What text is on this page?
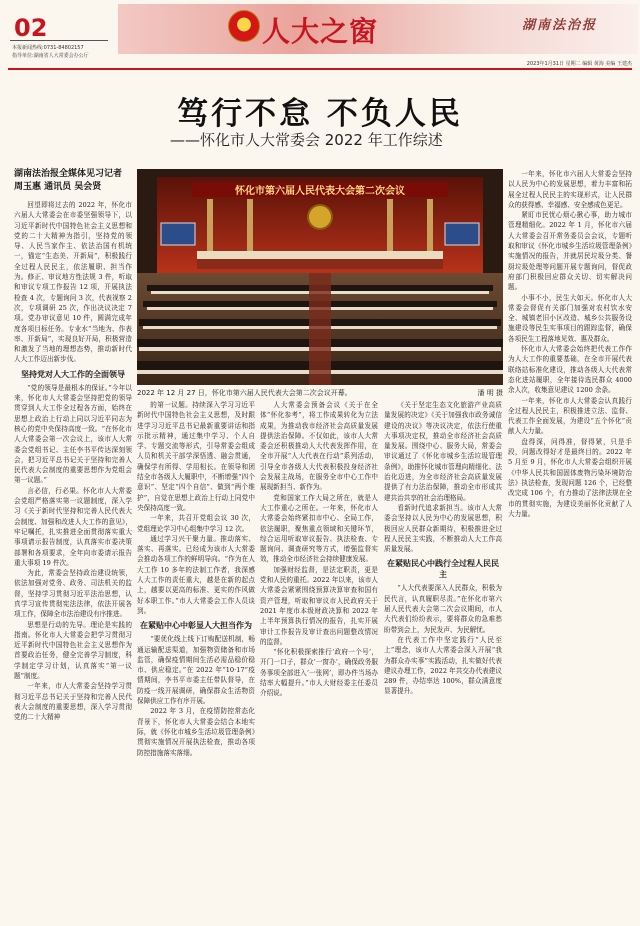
02
本报新闻热线:0731-84802157
指导单位:湖南省人大常委会办公厅
人大之窗	湖南法治报
2023年1月31日 星期二 编辑 黄海 美编 王建杰
笃行不怠 不负人民
——怀化市人大常委会 2022 年工作综述
湖南法治报全媒体见习记者
周玉惠 通讯员 吴会贤	怀化市第六届人民代表大会第二次会议
2022 年 12 月 27 日，怀化市第六届人民代表大会第二次会议开幕。	潘 明 摄

回望即将过去的 2022 年，怀化市六届人大常委会在市委坚强领导下，以习近平新时代中国特色社会主义思想和党的二十大精神为指引，坚持党的领导、人民当家作主、依法治国有机统一，锚定“生态美、开新局”，积极践行全过程人民民主，依法履职、担当作为。修正、审议地方性法规 3 件，听取和审议专项工作报告 12 项，开展执法检查 4 次，专题询问 3 次，代表视察 2 次，专项调研 25 次，作出决议决定 7 项。党办审议意见 10 件，圆满完成年度各项目标任务。专业水“当地为、作表率、开新局”，实现良好开局，积极营造和激发了当地的理想态势，推动新时代人大工作迈出新步伐。

坚持党对人大工作的全面领导

“党的领导是最根本的保证。”今年以来，怀化市人大常委会坚持把党的领导贯穿到人大工作全过程各方面，始终在思想上政治上行动上同以习近平同志为核心的党中央保持高度一致。“在怀化市人大常委会第一次会议上，该市人大常委会党组书记、主任李书平传达深刻领会，把习近平总书记关于坚持和完善人民代表大会制度的重要思想作为党组会第一议题。”

言必信，行必果。怀化市人大常委会党组严格落实第一议题制度，深入学习《关于新时代坚持和完善人民代表大会制度、加强和改进人大工作的意见》，牢记嘱托，扎实推进全面贯彻落实重大事项请示报告制度，认真落实市委决策部署和各项要求，全年向市委请示报告重大事项 19 件次。

为此，常委会坚持政治建设统领，依法加强对党务、政务、司法机关的监督，坚持学习贯彻习近平法治思想，认真学习宣传贯彻宪法法律，依法开展各项工作，保障全市法治建设有序推进。

思想是行动的先导。理论是实践的指南。怀化市人大常委会把学习贯彻习近平新时代中国特色社会主义思想作为首要政治任务，健全完善学习制度，科学制定学习计划，认真落实“第一议题”制度。

一年来，市人大常委会坚持学习贯彻习近平总书记关于坚持和完善人民代表大会制度的重要思想，深入学习贯彻党的二十大精神

的第一议题。持续深入学习习近平新时代中国特色社会主义思想，及时跟进学习习近平总书记最新重要讲话和指示批示精神，通过集中学习、个人自学、专题交流等形式，引导常委会组成人员和机关干部学深悟透、融会贯通，确保学有所得、学用相长。在领导和团结全市各级人大履职中，不断增强“四个意识”、坚定“四个自信”、做到“两个维护”，自觉在思想上政治上行动上同党中央保持高度一致。

一年来，共召开党组会议 30 次，党组理论学习中心组集中学习 12 次。

通过学习兴干聚力量。推动落实、落实、再落实。已经成为该市人大常委会推动各项工作的鲜明导向。“作为在人大工作 10 多年的法制工作者，我深感人大工作的责任重大，越是在新的起点上，越要以更高的标准、更实的作风做好本职工作。”市人大常委会工作人员谈到。

在紧贴中心中彰显人大担当作为

“要优化线上线下订购配送机制，畅通运输配送渠道，加强物资储备和市场监管，确保疫情期间生活必需品稳价稳市、供应稳定。”在 2022 年“10·17”疫情期间，李书平市委主任带队督导，在防疫一线开展调研，确保群众生活物资保障供应工作有序开展。

2022 年 3 月，在疫情防控常态化背景下，怀化市人大常委会结合本地实际，就《怀化市城乡生活垃圾管理条例》贯彻实施情况开展执法检查，推动各项防控措施落实落细。

人大常委会预备会议《关于在全体“怀化参考”，将工作成果转化为立法成果，为推动我市经济社会高质量发展提供法治保障。不仅如此，该市人大常委会还积极推动人大代表发挥作用，在全市开展“人大代表在行动”系列活动，引导全市各级人大代表积极投身经济社会发展主战场，在服务全市中心工作中展现新担当、新作为。

党和国家工作大局之所在，就是人大工作重心之所在。一年来，怀化市人大常委会始终紧扣市中心、全局工作，依法履职，聚焦重点领域和关键环节，综合运用听取审议报告、执法检查、专题询问、调查研究等方式，增强监督实效，推动全市经济社会持续健康发展。

加强财经监督，是法定职责，更是党和人民的重托。2022 年以来，该市人大常委会紧紧围绕预算决算审查和国有资产管理，听取和审议市人民政府关于 2021 年度市本级财政决算和 2022 年上半年预算执行情况的报告，扎实开展审计工作报告及审计查出问题整改情况的监督。

“怀化积极探索推行‘政府一个号’，开门一口子，群众‘一窗办’，确保政务服务事项全部进入‘一张网’，即办件当场办结率大幅提升。”市人大财经委主任委员介绍说。

《关于坚定生态文化旅游产业高质量发展的决定》《关于加强我市政务诚信建设的决议》等决议决定，依法行使重大事项决定权，推动全市经济社会高质量发展。围绕中心、服务大局，常委会审议通过了《怀化市城乡生活垃圾管理条例》，助推怀化城市管理向精细化、法治化迈进，为全市经济社会高质量发展提供了有力法治保障，推动全市形成共建共治共享的社会治理格局。

看新时代追求新担当。该市人大常委会坚持以人民为中心的发展思想，积极回应人民群众新期待，积极推进全过程人民民主实践，不断推动人大工作高质量发展。

在紧贴民心中践行全过程人民民主

“人大代表要深入人民群众，积极为民代言，认真履职尽责。”在怀化市第六届人民代表大会第二次会议期间，市人大代表们纷纷表示，要将群众的急难愁盼带到会上，为民发声、为民解忧。

在代表工作中坚定践行“人民至上”理念，该市人大常委会深入开展“我为群众办实事”实践活动，扎实做好代表建议办理工作，2022 年共交办代表建议 289 件，办结率达 100%，群众满意度显著提升。

一年来，怀化市六届人大常委会坚持以人民为中心的发展思想，着力丰富和拓展全过程人民民主的实现形式，让人民群众的获得感、幸福感、安全感成色更足。

紧盯市民忧心烦心揪心事，助力城市管理精细化。2022 年 1 月，怀化市六届人大常委会召开常务委员会会议，专题听取和审议《怀化市城乡生活垃圾管理条例》实施情况的报告，并就居民垃圾分类、餐厨垃圾处理等问题开展专题询问，督促政府部门积极回应群众关切、切实解决问题。

小事不小，民生大如天。怀化市人大常委会督促有关部门加强对农村饮水安全、城镇老旧小区改造、城乡公共服务设施建设等民生实事项目的跟踪监督，确保各项民生工程落地见效、惠及群众。

怀化市人大常委会始终把代表工作作为人大工作的重要基础，在全市开展代表联络站标准化建设，推动各级人大代表常态化进站履职，全年接待选民群众 4000 余人次，收集意见建议 1200 余条。

一年来，怀化市人大常委会认真践行全过程人民民主，积极推进立法、监督、代表工作全面发展，为建设“五个怀化”贡献人大力量。

盘得深，问得准，督得紧，只是手段，问题改得好才是最终目的。2022 年 5 月至 9 月，怀化市人大常委会组织开展《中华人民共和国固体废物污染环境防治法》执法检查，发现问题 126 个，已经整改完成 106 个，有力推动了法律法规在全市的贯彻实施，为建设美丽怀化贡献了人大力量。
